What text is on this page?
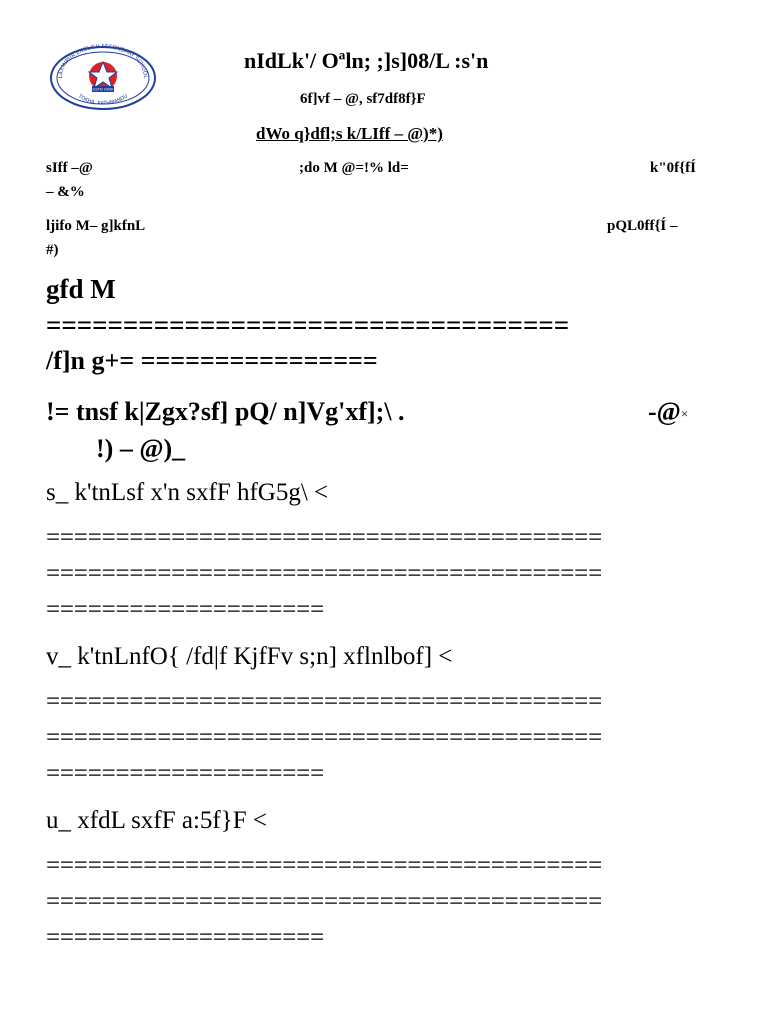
LAXMIPUR ENGLISH SECONDARY SCHOOL
TOKHA, KATHMANDU
ESTD 1980
nIdLk'/ Oªln; ;]s]08/L :s'n
6f]vf – @, sf7df8f}F
dWo q}dfl;s k/LIff – @)*)
sIff –@	;do M @=!% ld=	k"0f{fÍ
– &%
ljifo M– g]kfnL	pQL0ff{Í –
#)
gfd M
==================================
/f]n g+= ================
!= tnsf k|Zgx?sf] pQ/ n]Vg'xf];\ .	-@×
!) – @)_
s_ k'tnLsf x'n sxfF hfG5g\ <
========================================
========================================
====================
v_ k'tnLnfO{ /fd|f KjfFv s;n] xflnlbof] <
========================================
========================================
====================
u_ xfdL sxfF a:5f}F <
========================================
========================================
====================
